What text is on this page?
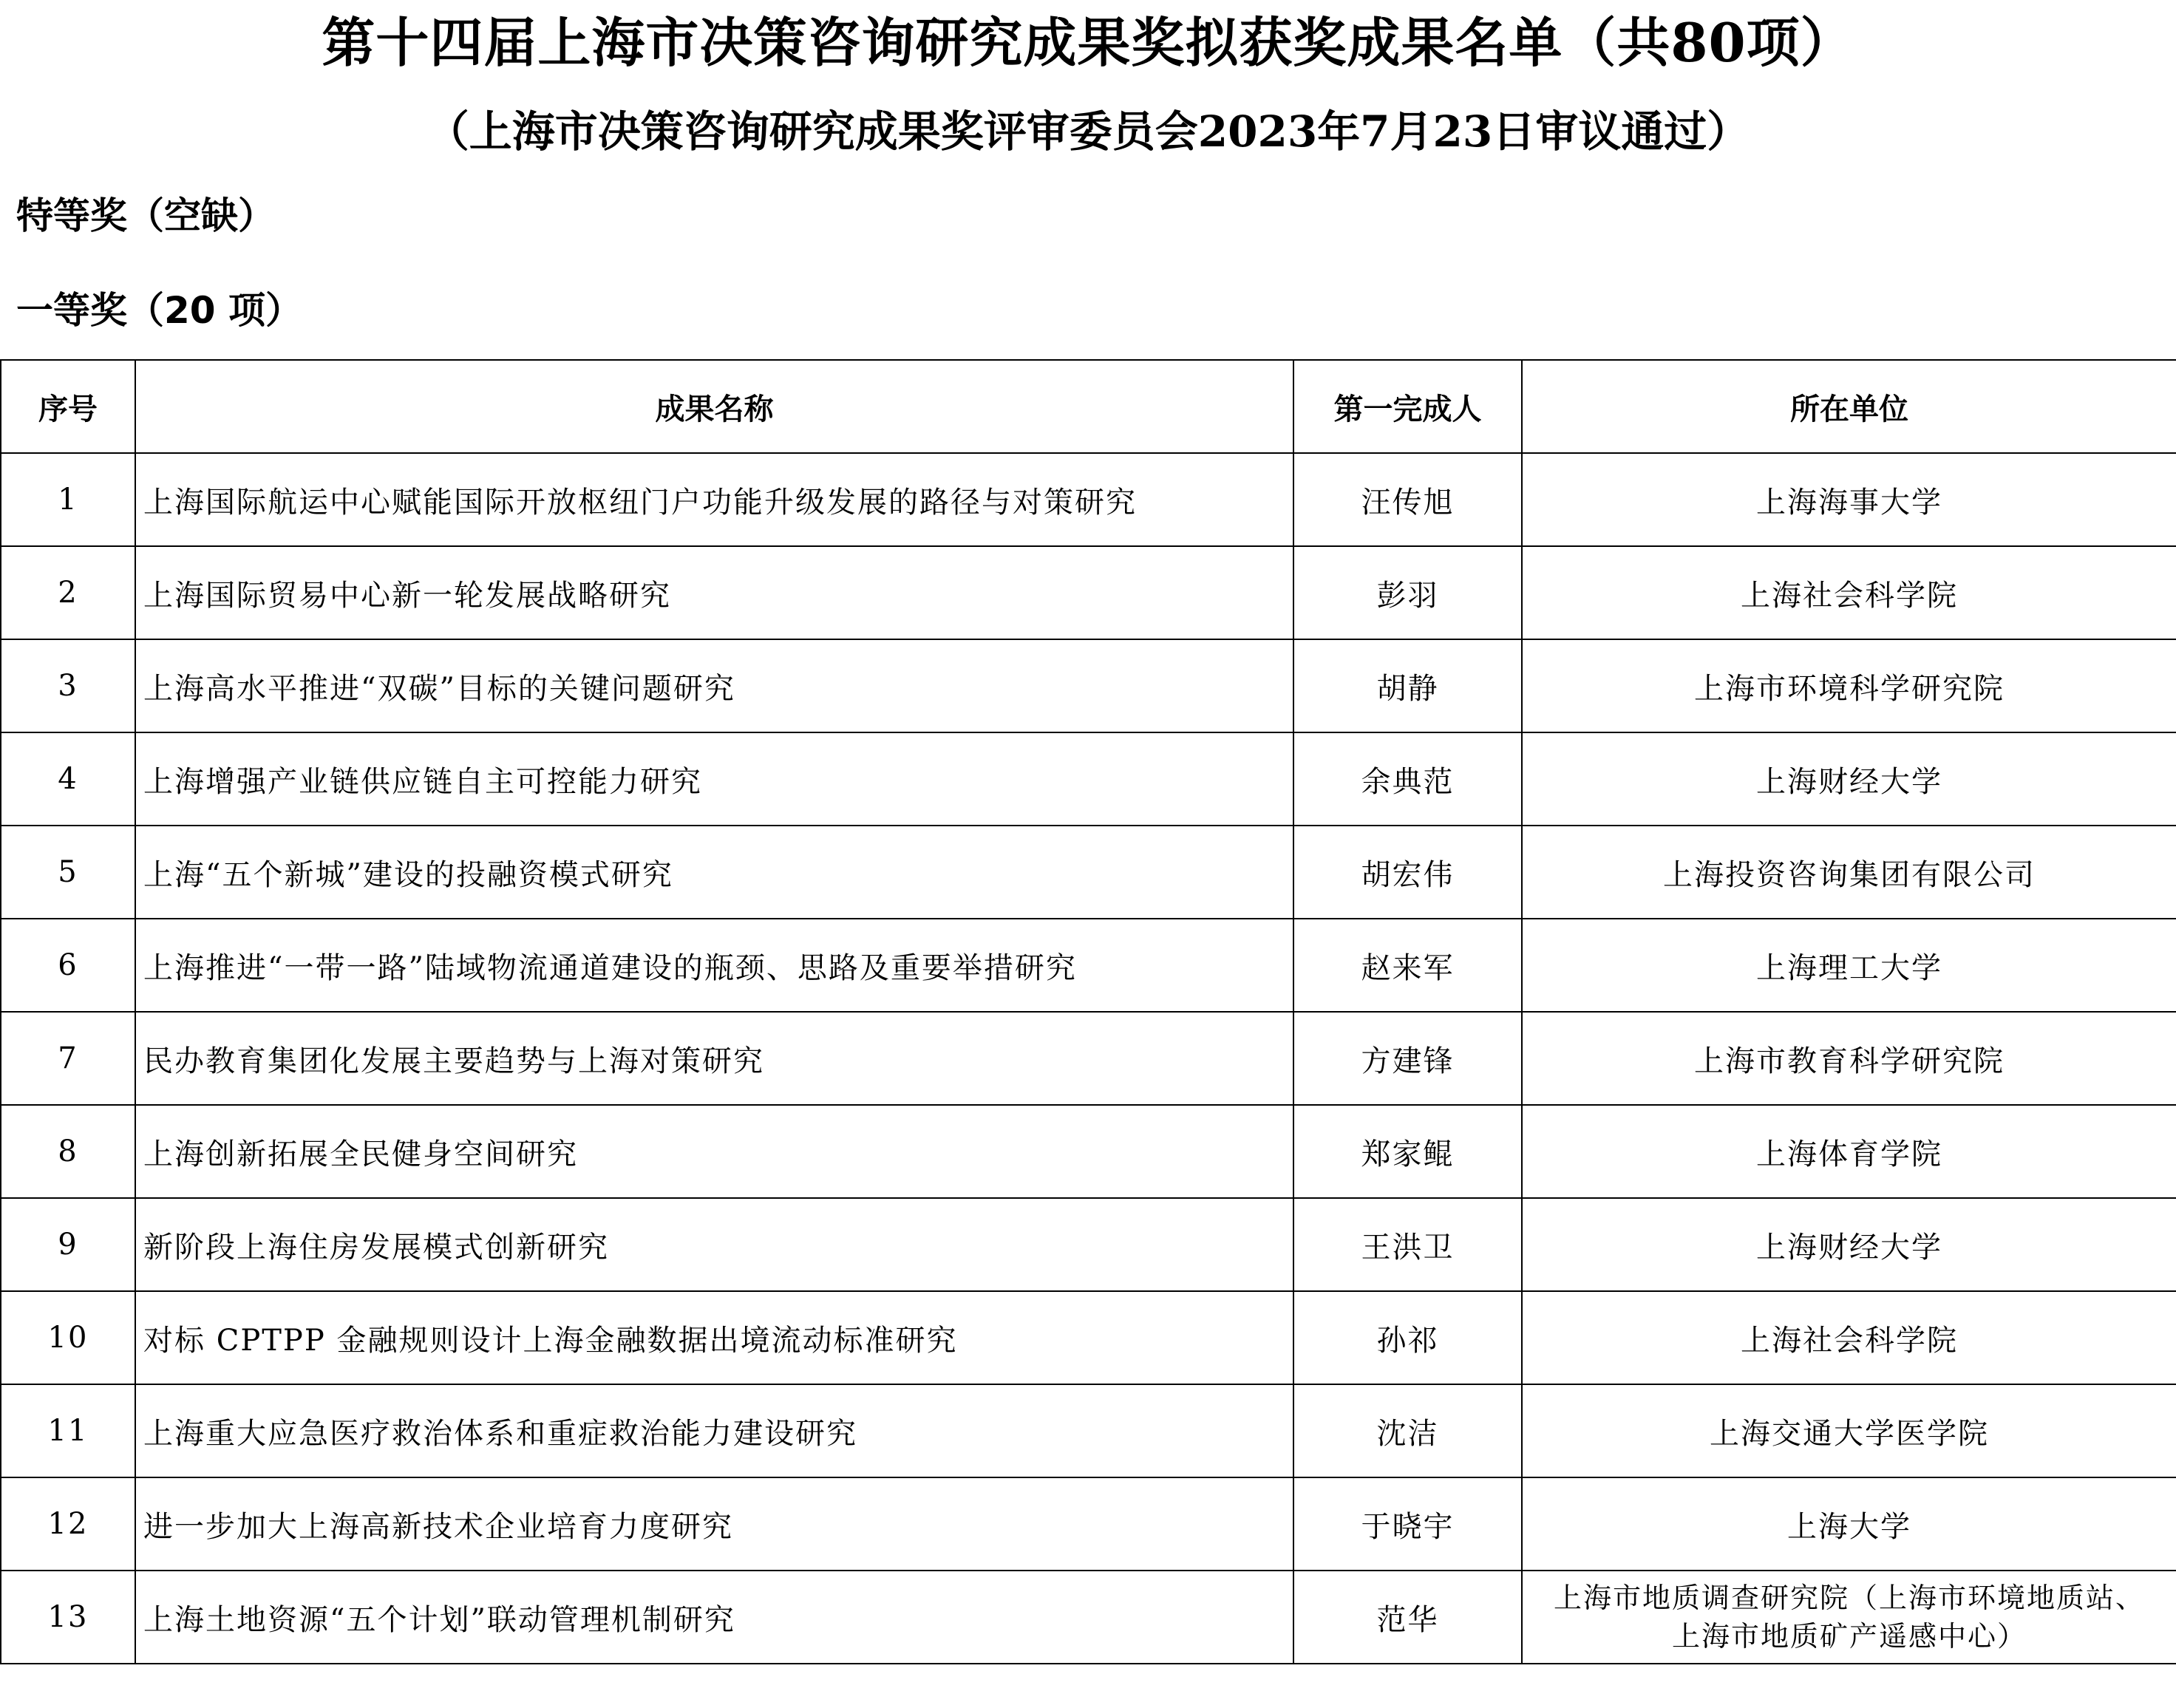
第十四届上海市决策咨询研究成果奖拟获奖成果名单（共80项）
（上海市决策咨询研究成果奖评审委员会2023年7月23日审议通过）
特等奖（空缺）
一等奖（20 项）
序号	成果名称	第一完成人	所在单位
1	上海国际航运中心赋能国际开放枢纽门户功能升级发展的路径与对策研究	汪传旭	上海海事大学
2	上海国际贸易中心新一轮发展战略研究	彭羽	上海社会科学院
3	上海高水平推进“双碳”目标的关键问题研究	胡静	上海市环境科学研究院
4	上海增强产业链供应链自主可控能力研究	余典范	上海财经大学
5	上海“五个新城”建设的投融资模式研究	胡宏伟	上海投资咨询集团有限公司
6	上海推进“一带一路”陆域物流通道建设的瓶颈、思路及重要举措研究	赵来军	上海理工大学
7	民办教育集团化发展主要趋势与上海对策研究	方建锋	上海市教育科学研究院
8	上海创新拓展全民健身空间研究	郑家鲲	上海体育学院
9	新阶段上海住房发展模式创新研究	王洪卫	上海财经大学
10	对标 CPTPP 金融规则设计上海金融数据出境流动标准研究	孙祁	上海社会科学院
11	上海重大应急医疗救治体系和重症救治能力建设研究	沈洁	上海交通大学医学院
12	进一步加大上海高新技术企业培育力度研究	于晓宇	上海大学
13	上海土地资源“五个计划”联动管理机制研究	范华	上海市地质调查研究院（上海市环境地质站、
上海市地质矿产遥感中心）
